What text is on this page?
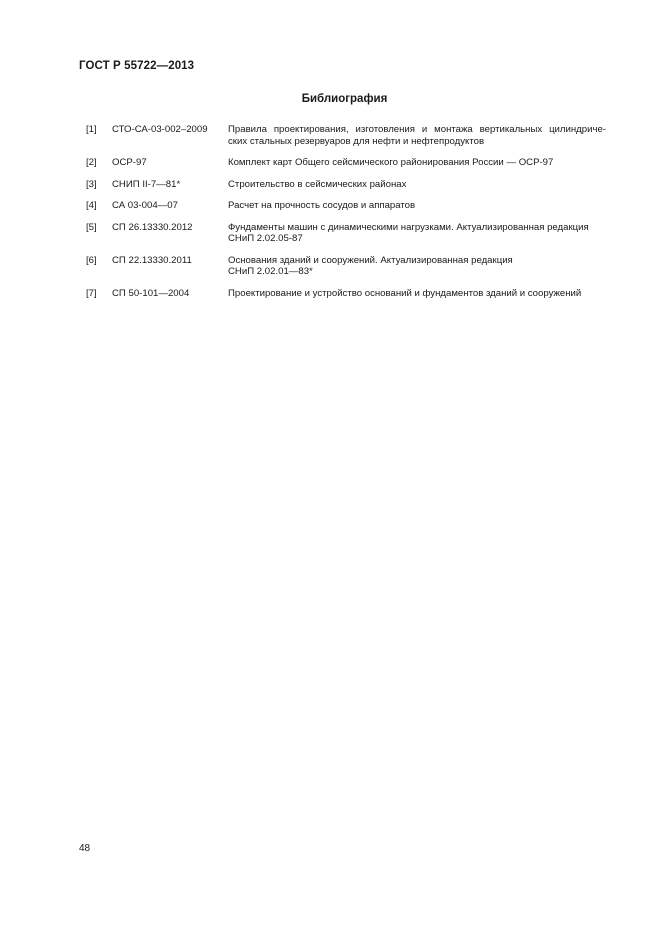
ГОСТ Р 55722—2013
Библиография
[1]	СТО-СА-03-002–2009	Правила проектирования, изготовления и монтажа вертикальных цилиндриче-
ских стальных резервуаров для нефти и нефтепродуктов
[2]	ОСР-97	Комплект карт Общего сейсмического районирования России — ОСР-97
[3]	СНИП II-7—81*	Строительство в сейсмических районах
[4]	СА 03-004—07	Расчет на прочность сосудов и аппаратов
[5]	СП 26.13330.2012	Фундаменты машин с динамическими нагрузками. Актуализированная редакция
СНиП 2.02.05-87
[6]	СП 22.13330.2011	Основания зданий и сооружений. Актуализированная редакция
СНиП 2.02.01—83*
[7]	СП 50-101—2004	Проектирование и устройство оснований и фундаментов зданий и сооружений
48
